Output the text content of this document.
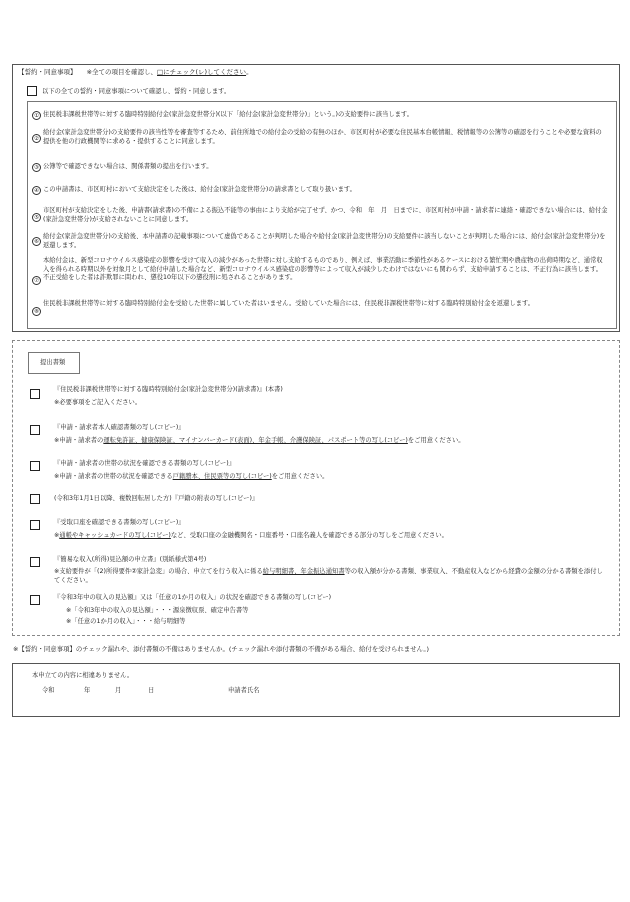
【誓約・同意事項】 ※全ての項目を確認し、□にチェック(レ)してください。
以下の全ての誓約・同意事項について確認し、誓約・同意します。
① 住民税非課税世帯等に対する臨時特別給付金(家計急変世帯分)(以下「給付金(家計急変世帯分)」という。)の支給要件に該当します。
②
給付金(家計急変世帯分)の支給要件の該当性等を審査等するため、前住所地での給付金の受給の有無のほか、市区町村が必要な住民基本台帳情報、税情報等の公簿等の確認を行うことや必要な資料の提供を他の行政機関等に求める・提供することに同意します。
③ 公簿等で確認できない場合は、関係書類の提出を行います。
④ この申請書は、市区町村において支給決定をした後は、給付金(家計急変世帯分)の請求書として取り扱います。
⑤
市区町村が支給決定をした後、申請書(請求書)の不備による振込不能等の事由により支給が完了せず、かつ、令和　年　月　日までに、市区町村が申請・請求者に連絡・確認できない場合には、給付金(家計急変世帯分)が支給されないことに同意します。
⑥
給付金(家計急変世帯分)の支給後、本申請書の記載事項について虚偽であることが判明した場合や給付金(家計急変世帯分)の支給要件に該当しないことが判明した場合には、給付金(家計急変世帯分)を返還します。
⑦
本給付金は、新型コロナウイルス感染症の影響を受けて収入の減少があった世帯に対し支給するものであり、例えば、事業活動に季節性があるケースにおける繁忙期や農産物の出荷時期など、通常収入を得られる時期以外を対象月として給付申請した場合など、新型コロナウイルス感染症の影響等によって収入が減少したわけではないにも関わらず、支給申請することは、不正行為に該当します。不正受給をした者は詐欺罪に問われ、懲役10年以下の懲役刑に処されることがあります。
⑧
住民税非課税世帯等に対する臨時特別給付金を受給した世帯に属していた者はいません。受給していた場合には、住民税非課税世帯等に対する臨時特別給付金を返還します。
提出書類
『住民税非課税世帯等に対する臨時特別給付金(家計急変世帯分)(請求書)』(本書)
※必要事項をご記入ください。
『申請・請求者本人確認書類の写し(コピー)』
※申請・請求者の運転免許証、健康保険証、マイナンバーカード(表面)、年金手帳、介護保険証、パスポート等の写し(コピー)をご用意ください。
『申請・請求者の世帯の状況を確認できる書類の写し(コピー)』
※申請・請求者の世帯の状況を確認できる戸籍謄本、住民票等の写し(コピー)をご用意ください。
(令和3年1月1日以降、複数回転居した方)『戸籍の附表の写し(コピー)』
『受取口座を確認できる書類の写し(コピー)』
※通帳やキャッシュカードの写し(コピー)など、受取口座の金融機関名・口座番号・口座名義人を確認できる部分の写しをご用意ください。
『簡易な収入(所得)見込額の申立書』(別紙様式第4号)
※支給要件が「(2)所得要件②家計急変」の場合、申立てを行う収入に係る給与明細書、年金振込通知書等の収入額が分かる書類、事業収入、不動産収入などから経費の金額の分かる書類を添付してください。
『令和3年中の収入の見込額』又は「任意の1か月の収入」の状況を確認できる書類の写し(コピー)
※「令和3年中の収入の見込額」・・・源泉徴収票、確定申告書等
※「任意の1か月の収入」・・・給与明細等
※【誓約・同意事項】のチェック漏れや、添付書類の不備はありませんか。(チェック漏れや添付書類の不備がある場合、給付を受けられません。)
本申立ての内容に相違ありません。
令和	年	月	日	申請者氏名
